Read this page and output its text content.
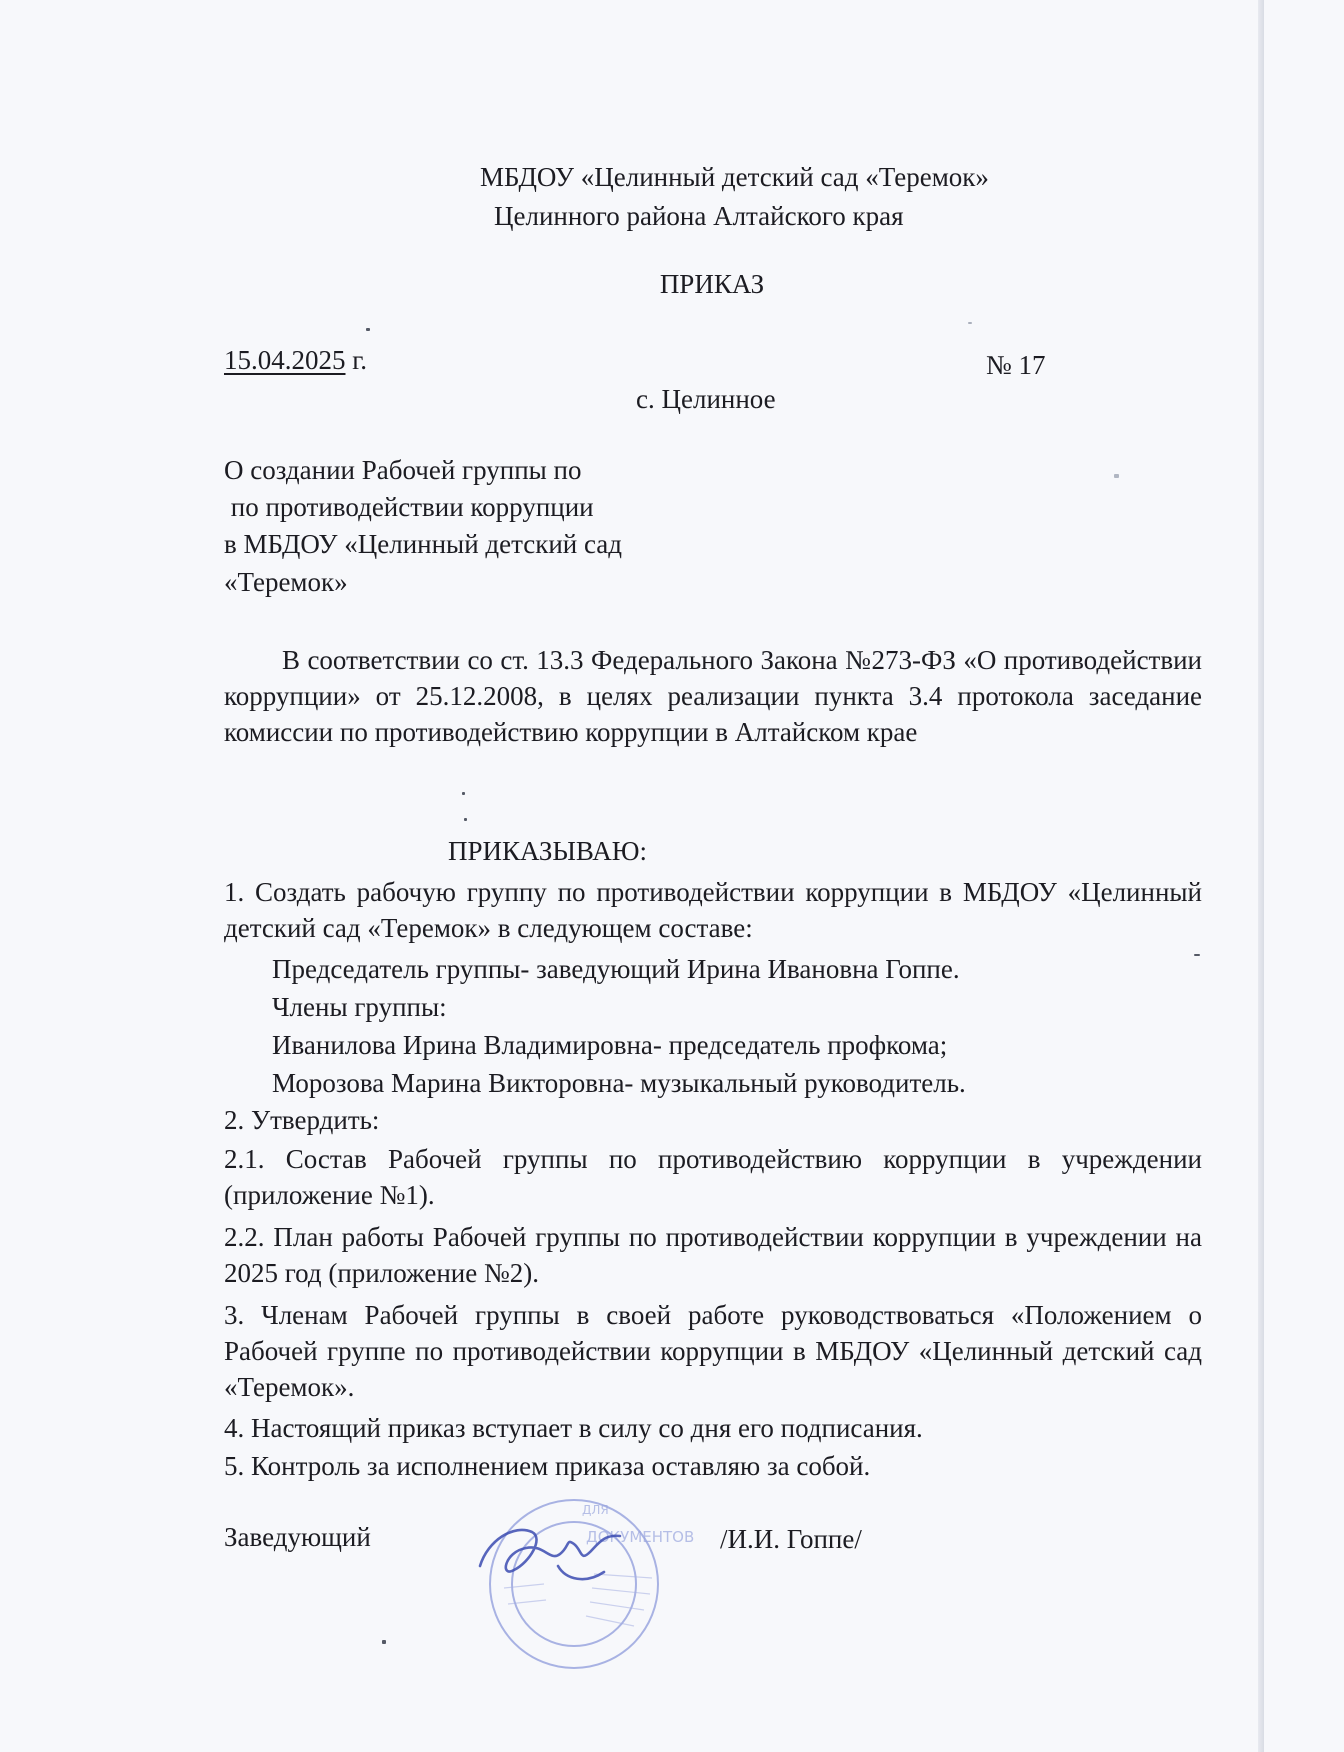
МБДОУ «Целинный детский сад «Теремок»
Целинного района Алтайского края
ПРИКАЗ
15.04.2025 г.	№ 17
с. Целинное
О создании Рабочей группы по
по противодействии коррупции
в МБДОУ «Целинный детский сад
«Теремок»
В соответствии со ст. 13.3 Федерального Закона №273-ФЗ «О противодействии коррупции» от 25.12.2008, в целях реализации пункта 3.4 протокола заседание комиссии по противодействию коррупции в Алтайском крае
ПРИКАЗЫВАЮ:
1. Создать рабочую группу по противодействии коррупции в МБДОУ «Целинный детский сад «Теремок» в следующем составе:
Председатель группы- заведующий Ирина Ивановна Гоппе.
Члены группы:
Иванилова Ирина Владимировна- председатель профкома;
Морозова Марина Викторовна- музыкальный руководитель.
2. Утвердить:
2.1. Состав Рабочей группы по противодействию коррупции в учреждении (приложение №1).
2.2. План работы Рабочей группы по противодействии коррупции в учреждении на 2025 год (приложение №2).
3. Членам Рабочей группы в своей работе руководствоваться «Положением о Рабочей группе по противодействии коррупции в МБДОУ «Целинный детский сад «Теремок».
4. Настоящий приказ вступает в силу со дня его подписания.
5. Контроль за исполнением приказа оставляю за собой.
Заведующий	/И.И. Гоппе/
ДЛЯ
ДОКУМЕНТОВ
